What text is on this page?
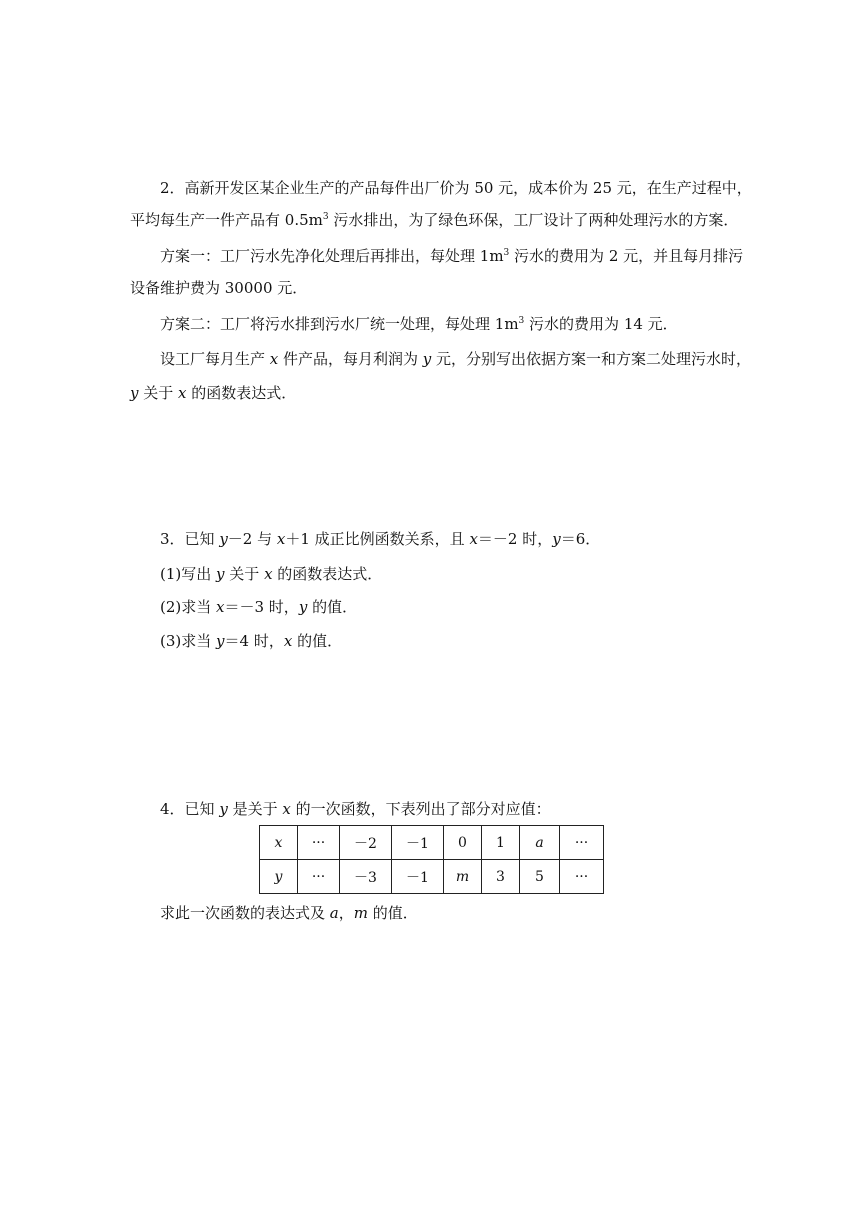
2．高新开发区某企业生产的产品每件出厂价为 50 元，成本价为 25 元，在生产过程中，
平均每生产一件产品有 $0.5m^3$ 污水排出，为了绿色环保，工厂设计了两种处理污水的方案．
方案一：工厂污水先净化处理后再排出，每处理 $1m^3$ 污水的费用为 2 元，并且每月排污
设备维护费为 30000 元．
方案二：工厂将污水排到污水厂统一处理，每处理 $1m^3$ 污水的费用为 14 元．
设工厂每月生产 x 件产品，每月利润为 y 元，分别写出依据方案一和方案二处理污水时，
y 关于 x 的函数表达式．
3．已知 y－2 与 x＋1 成正比例函数关系，且 x＝－2 时，y＝6．
(1)写出 y 关于 x 的函数表达式．
(2)求当 x＝－3 时，y 的值．
(3)求当 y＝4 时，x 的值．
4．已知 y 是关于 x 的一次函数，下表列出了部分对应值：
x	···	－2	－1	0	1	a	···
y	···	－3	－1	m	3	5	···
求此一次函数的表达式及 a，m 的值．
